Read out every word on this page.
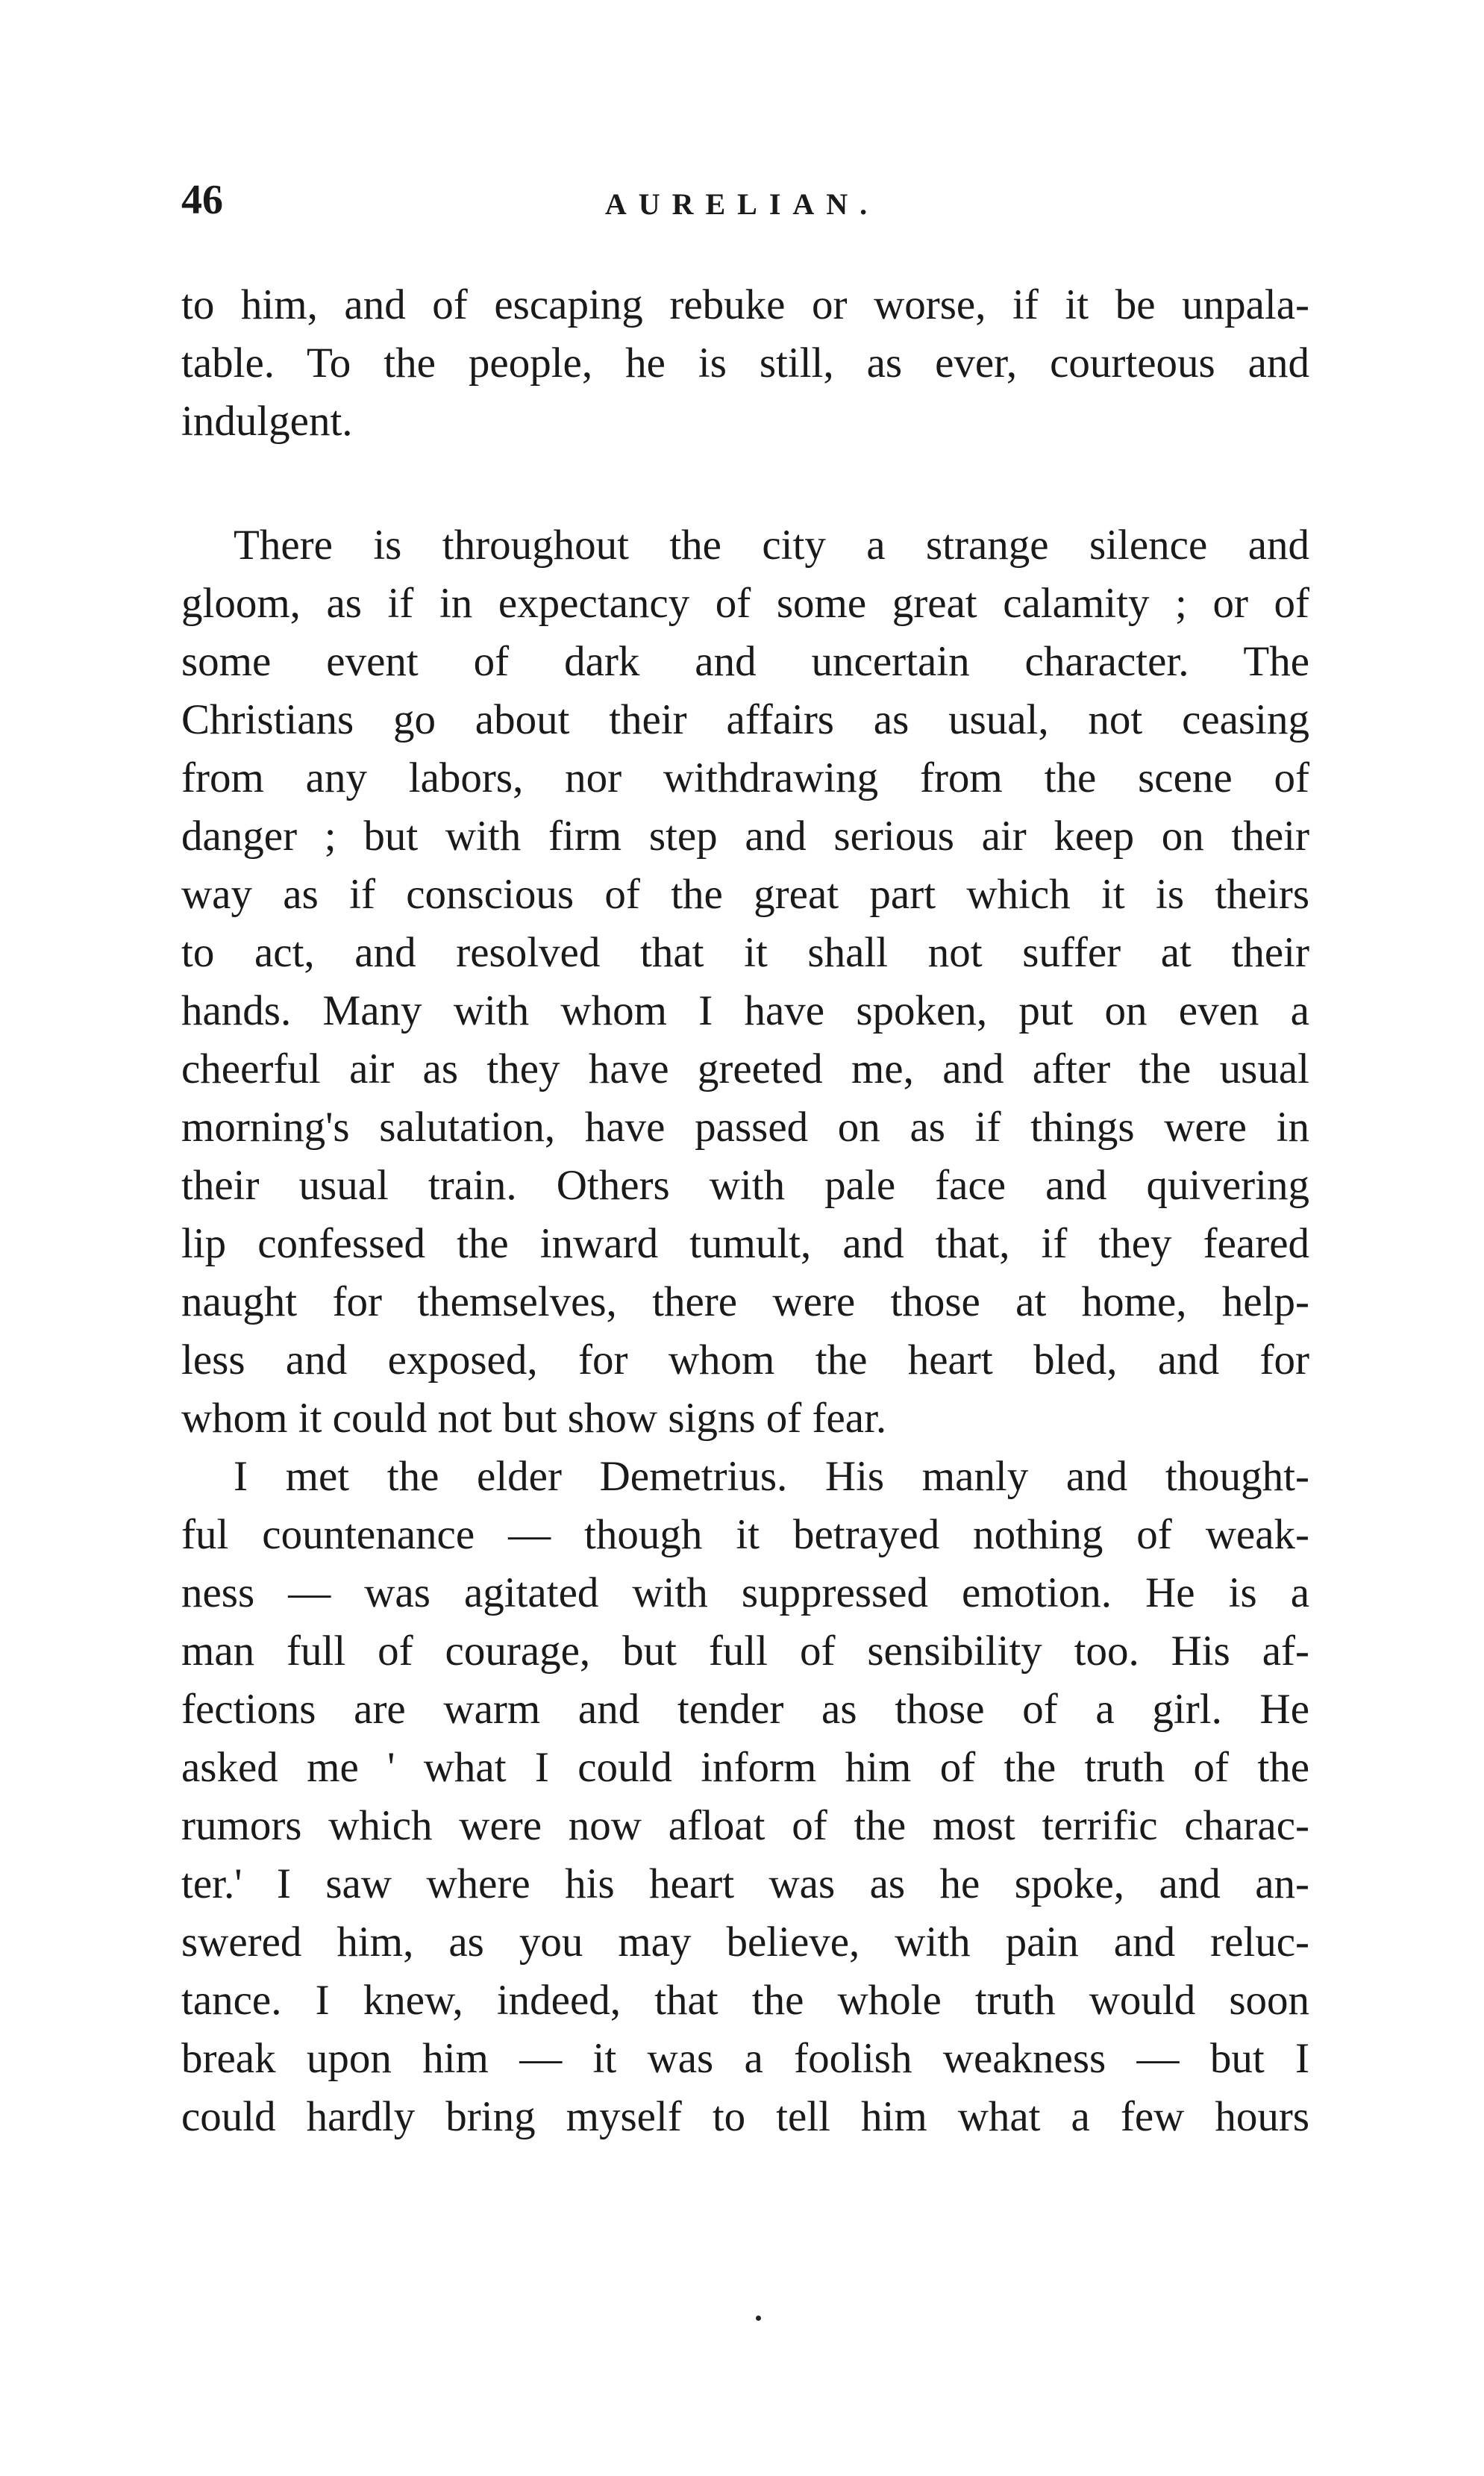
46	AURELIAN.
to him, and of escaping rebuke or worse, if it be unpala-
table. To the people, he is still, as ever, courteous and
indulgent.
There is throughout the city a strange silence and
gloom, as if in expectancy of some great calamity ; or of
some event of dark and uncertain character. The
Christians go about their affairs as usual, not ceasing
from any labors, nor withdrawing from the scene of
danger ; but with firm step and serious air keep on their
way as if conscious of the great part which it is theirs
to act, and resolved that it shall not suffer at their
hands. Many with whom I have spoken, put on even a
cheerful air as they have greeted me, and after the usual
morning's salutation, have passed on as if things were in
their usual train. Others with pale face and quivering
lip confessed the inward tumult, and that, if they feared
naught for themselves, there were those at home, help-
less and exposed, for whom the heart bled, and for
whom it could not but show signs of fear.
I met the elder Demetrius. His manly and thought-
ful countenance — though it betrayed nothing of weak-
ness — was agitated with suppressed emotion. He is a
man full of courage, but full of sensibility too. His af-
fections are warm and tender as those of a girl. He
asked me ' what I could inform him of the truth of the
rumors which were now afloat of the most terrific charac-
ter.' I saw where his heart was as he spoke, and an-
swered him, as you may believe, with pain and reluc-
tance. I knew, indeed, that the whole truth would soon
break upon him — it was a foolish weakness — but I
could hardly bring myself to tell him what a few hours
